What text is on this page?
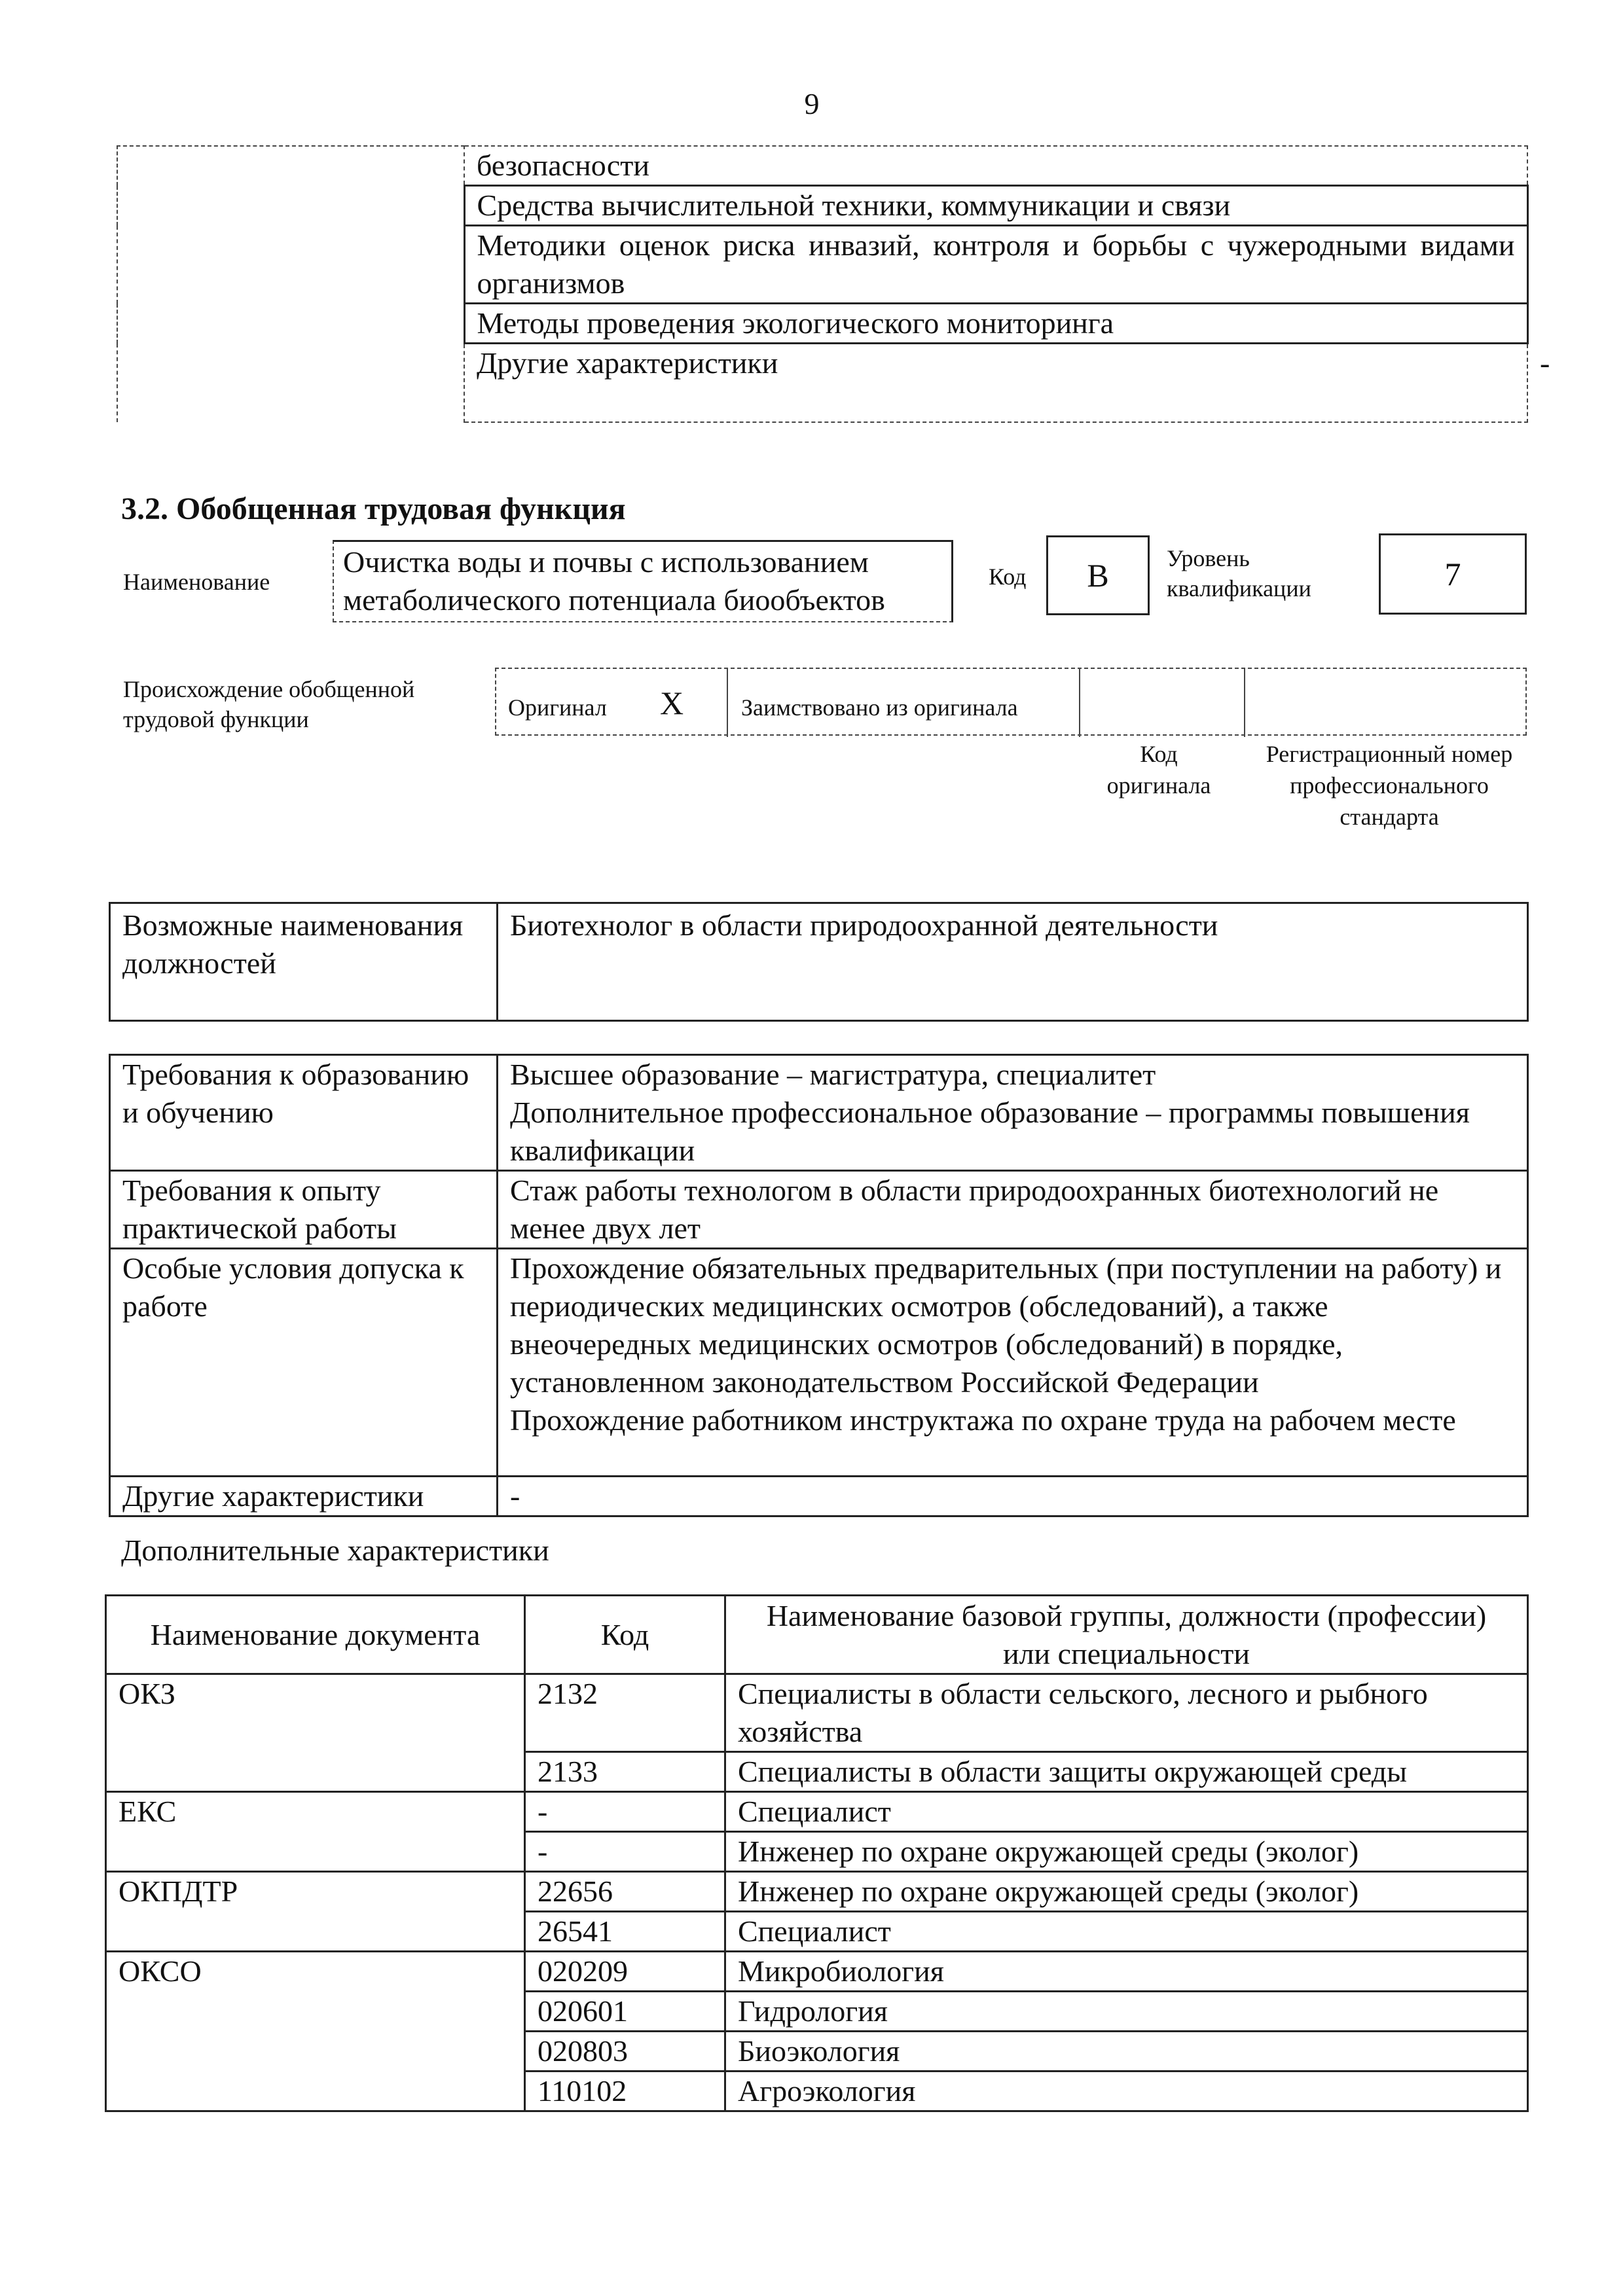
9
	безопасности	
	Средства вычислительной техники, коммуникации и связи	
	Методики оценок риска инвазий, контроля и борьбы с чужеродными видами организмов	
	Методы проведения экологического мониторинга	
	Другие характеристики	-
3.2. Обобщенная трудовая функция
Наименование
Очистка воды и почвы с использованием метаболического потенциала биообъектов
Код	B	Уровень квалификации	7
Происхождение обобщенной трудовой функции	Оригинал X Заимствовано из оригинала
Код оригинала
Регистрационный номер профессионального стандарта
Возможные наименования должностей	Биотехнолог в области природоохранной деятельности
Требования к образованию и обучению	Высшее образование – магистратура, специалитет
Дополнительное профессиональное образование – программы повышения квалификации
Требования к опыту практической работы	Стаж работы технологом в области природоохранных биотехнологий не менее двух лет
Особые условия допуска к работе	Прохождение обязательных предварительных (при поступлении на работу) и периодических медицинских осмотров (обследований), а также внеочередных медицинских осмотров (обследований) в порядке, установленном законодательством Российской Федерации
Прохождение работником инструктажа по охране труда на рабочем месте
Другие характеристики	-
Дополнительные характеристики
Наименование документа	Код	Наименование базовой группы, должности (профессии) или специальности
ОКЗ	2132	Специалисты в области сельского, лесного и рыбного хозяйства
	2133	Специалисты в области защиты окружающей среды
ЕКС	-	Специалист
	-	Инженер по охране окружающей среды (эколог)
ОКПДТР	22656	Инженер по охране окружающей среды (эколог)
	26541	Специалист
ОКСО	020209	Микробиология
	020601	Гидрология
	020803	Биоэкология
	110102	Агроэкология
